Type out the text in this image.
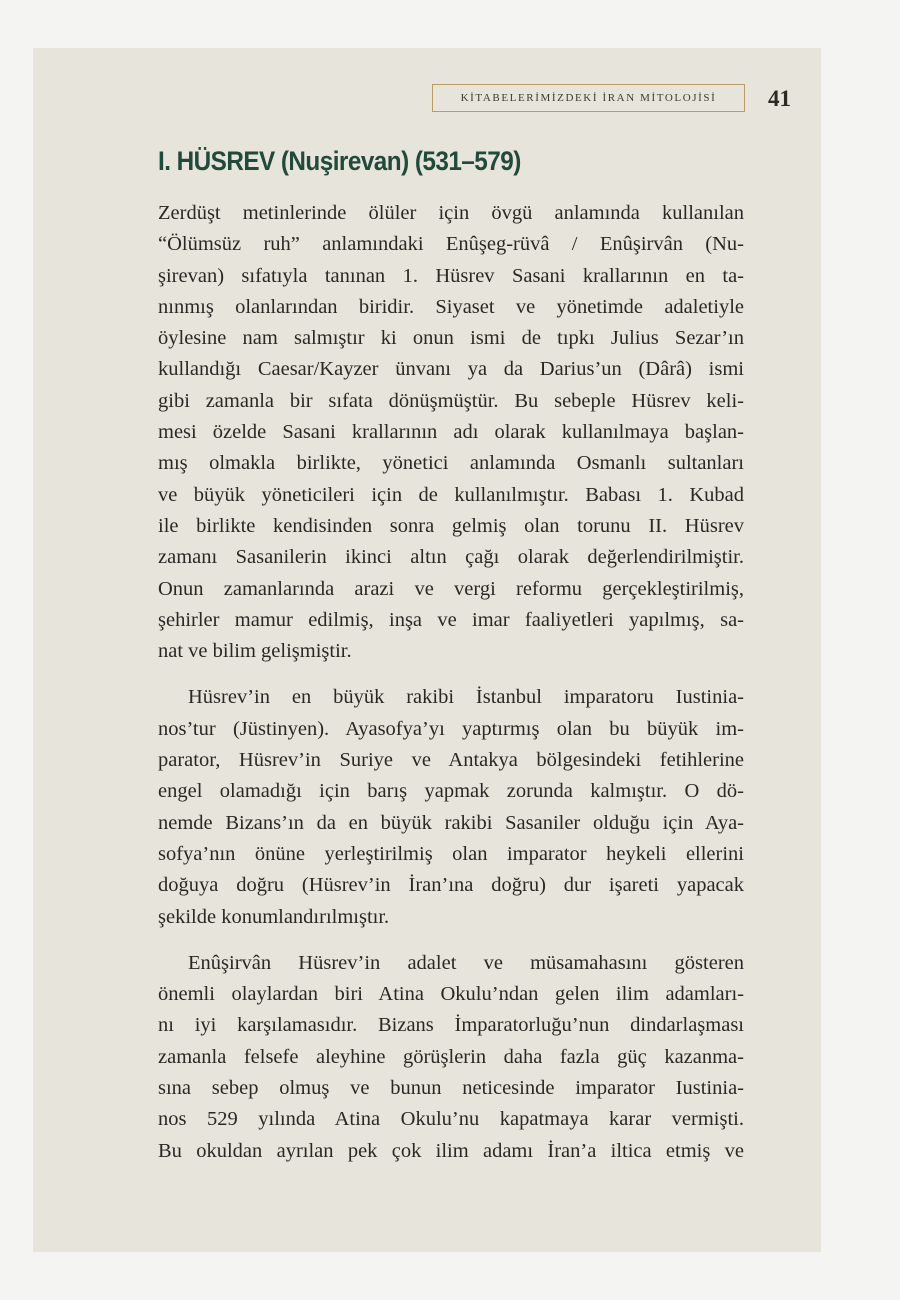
KİTABELERİMİZDEKİ İRAN MİTOLOJİSİ	41
I. HÜSREV (Nuşirevan) (531–579)
Zerdüşt metinlerinde ölüler için övgü anlamında kullanılan
“Ölümsüz ruh” anlamındaki Enûşeg-rüvâ / Enûşirvân (Nu-
şirevan) sıfatıyla tanınan 1. Hüsrev Sasani krallarının en ta-
nınmış olanlarından biridir. Siyaset ve yönetimde adaletiyle
öylesine nam salmıştır ki onun ismi de tıpkı Julius Sezar’ın
kullandığı Caesar/Kayzer ünvanı ya da Darius’un (Dârâ) ismi
gibi zamanla bir sıfata dönüşmüştür. Bu sebeple Hüsrev keli-
mesi özelde Sasani krallarının adı olarak kullanılmaya başlan-
mış olmakla birlikte, yönetici anlamında Osmanlı sultanları
ve büyük yöneticileri için de kullanılmıştır. Babası 1. Kubad
ile birlikte kendisinden sonra gelmiş olan torunu II. Hüsrev
zamanı Sasanilerin ikinci altın çağı olarak değerlendirilmiştir.
Onun zamanlarında arazi ve vergi reformu gerçekleştirilmiş,
şehirler mamur edilmiş, inşa ve imar faaliyetleri yapılmış, sa-
nat ve bilim gelişmiştir.
Hüsrev’in en büyük rakibi İstanbul imparatoru Iustinia-
nos’tur (Jüstinyen). Ayasofya’yı yaptırmış olan bu büyük im-
parator, Hüsrev’in Suriye ve Antakya bölgesindeki fetihlerine
engel olamadığı için barış yapmak zorunda kalmıştır. O dö-
nemde Bizans’ın da en büyük rakibi Sasaniler olduğu için Aya-
sofya’nın önüne yerleştirilmiş olan imparator heykeli ellerini
doğuya doğru (Hüsrev’in İran’ına doğru) dur işareti yapacak
şekilde konumlandırılmıştır.
Enûşirvân Hüsrev’in adalet ve müsamahasını gösteren
önemli olaylardan biri Atina Okulu’ndan gelen ilim adamları-
nı iyi karşılamasıdır. Bizans İmparatorluğu’nun dindarlaşması
zamanla felsefe aleyhine görüşlerin daha fazla güç kazanma-
sına sebep olmuş ve bunun neticesinde imparator Iustinia-
nos 529 yılında Atina Okulu’nu kapatmaya karar vermişti.
Bu okuldan ayrılan pek çok ilim adamı İran’a iltica etmiş ve
